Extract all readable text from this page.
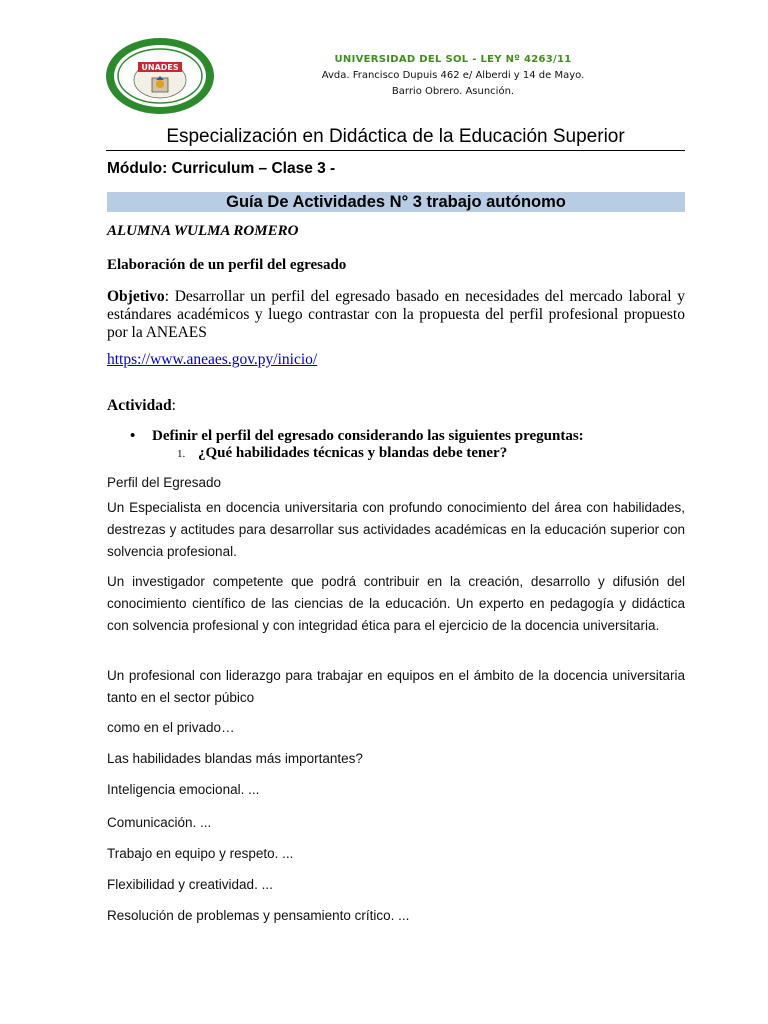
UNADES
UNIVERSIDAD DEL SOL - LEY Nº 4263/11
Avda. Francisco Dupuis 462 e/ Alberdi y 14 de Mayo.
Barrio Obrero. Asunción.
Especialización en Didáctica de la Educación Superior
Módulo: Curriculum – Clase 3 -
Guía De Actividades N° 3 trabajo autónomo
ALUMNA WULMA ROMERO
Elaboración de un perfil del egresado

Objetivo: Desarrollar un perfil del egresado basado en necesidades del mercado laboral y estándares académicos y luego contrastar con la propuesta del perfil profesional propuesto por la ANEAES

https://www.aneaes.gov.py/inicio/
Actividad:
• Definir el perfil del egresado considerando las siguientes preguntas:
1. ¿Qué habilidades técnicas y blandas debe tener?

Perfil del Egresado

Un Especialista en docencia universitaria con profundo conocimiento del área con habilidades, destrezas y actitudes para desarrollar sus actividades académicas en la educación superior con solvencia profesional.

Un investigador competente que podrá contribuir en la creación, desarrollo y difusión del conocimiento científico de las ciencias de la educación. Un experto en pedagogía y didáctica con solvencia profesional y con integridad ética para el ejercicio de la docencia universitaria.

Un profesional con liderazgo para trabajar en equipos en el ámbito de la docencia universitaria tanto en el sector púbico

como en el privado…

Las habilidades blandas más importantes?

Inteligencia emocional. ...

Comunicación. ...

Trabajo en equipo y respeto. ...

Flexibilidad y creatividad. ...

Resolución de problemas y pensamiento crítico. ...
